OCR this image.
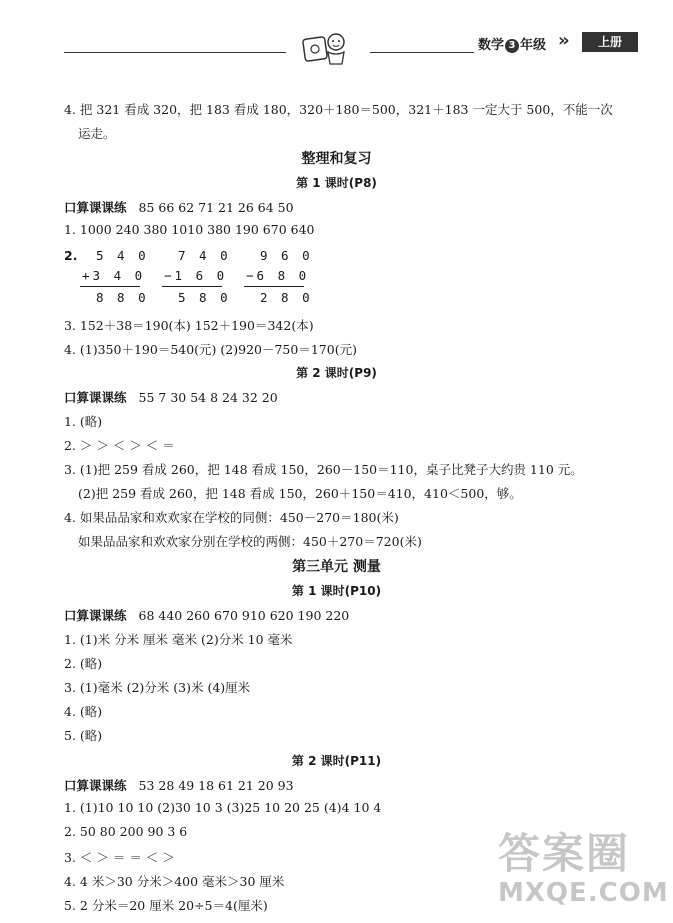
数学 3 年级 »	上册
4. 把 321 看成 320，把 183 看成 180，320＋180＝500，321＋183 一定大于 500，不能一次
运走。
整理和复习
第 1 课时(P8)
口算课课练 85 66 62 71 21 26 64 50
1. 1000 240 380 1010 380 190 670 640
2. 5 4 0
+3 4 0
8 8 0
7 4 0
−1 6 0
5 8 0
9 6 0
−6 8 0
2 8 0
3. 152＋38＝190(本) 152＋190＝342(本)
4. (1)350＋190＝540(元) (2)920－750＝170(元)
第 2 课时(P9)
口算课课练 55 7 30 54 8 24 32 20
1. (略)
2. ＞ ＞ ＜ ＞ ＜ ＝
3. (1)把 259 看成 260，把 148 看成 150，260－150＝110，桌子比凳子大约贵 110 元。
(2)把 259 看成 260，把 148 看成 150，260＋150＝410，410＜500，够。
4. 如果品品家和欢欢家在学校的同侧：450－270＝180(米)
如果品品家和欢欢家分别在学校的两侧：450＋270＝720(米)
第三单元 测量
第 1 课时(P10)
口算课课练 68 440 260 670 910 620 190 220
1. (1)米 分米 厘米 毫米 (2)分米 10 毫米
2. (略)
3. (1)毫米 (2)分米 (3)米 (4)厘米
4. (略)
5. (略)
第 2 课时(P11)
口算课课练 53 28 49 18 61 21 20 93
1. (1)10 10 10 (2)30 10 3 (3)25 10 20 25 (4)4 10 4
2. 50 80 200 90 3 6
3. ＜ ＞ ＝ ＝ ＜ ＞
4. 4 米＞30 分米＞400 毫米＞30 厘米
5. 2 分米＝20 厘米 20÷5＝4(厘米)
答案圈
MXQE.COM
